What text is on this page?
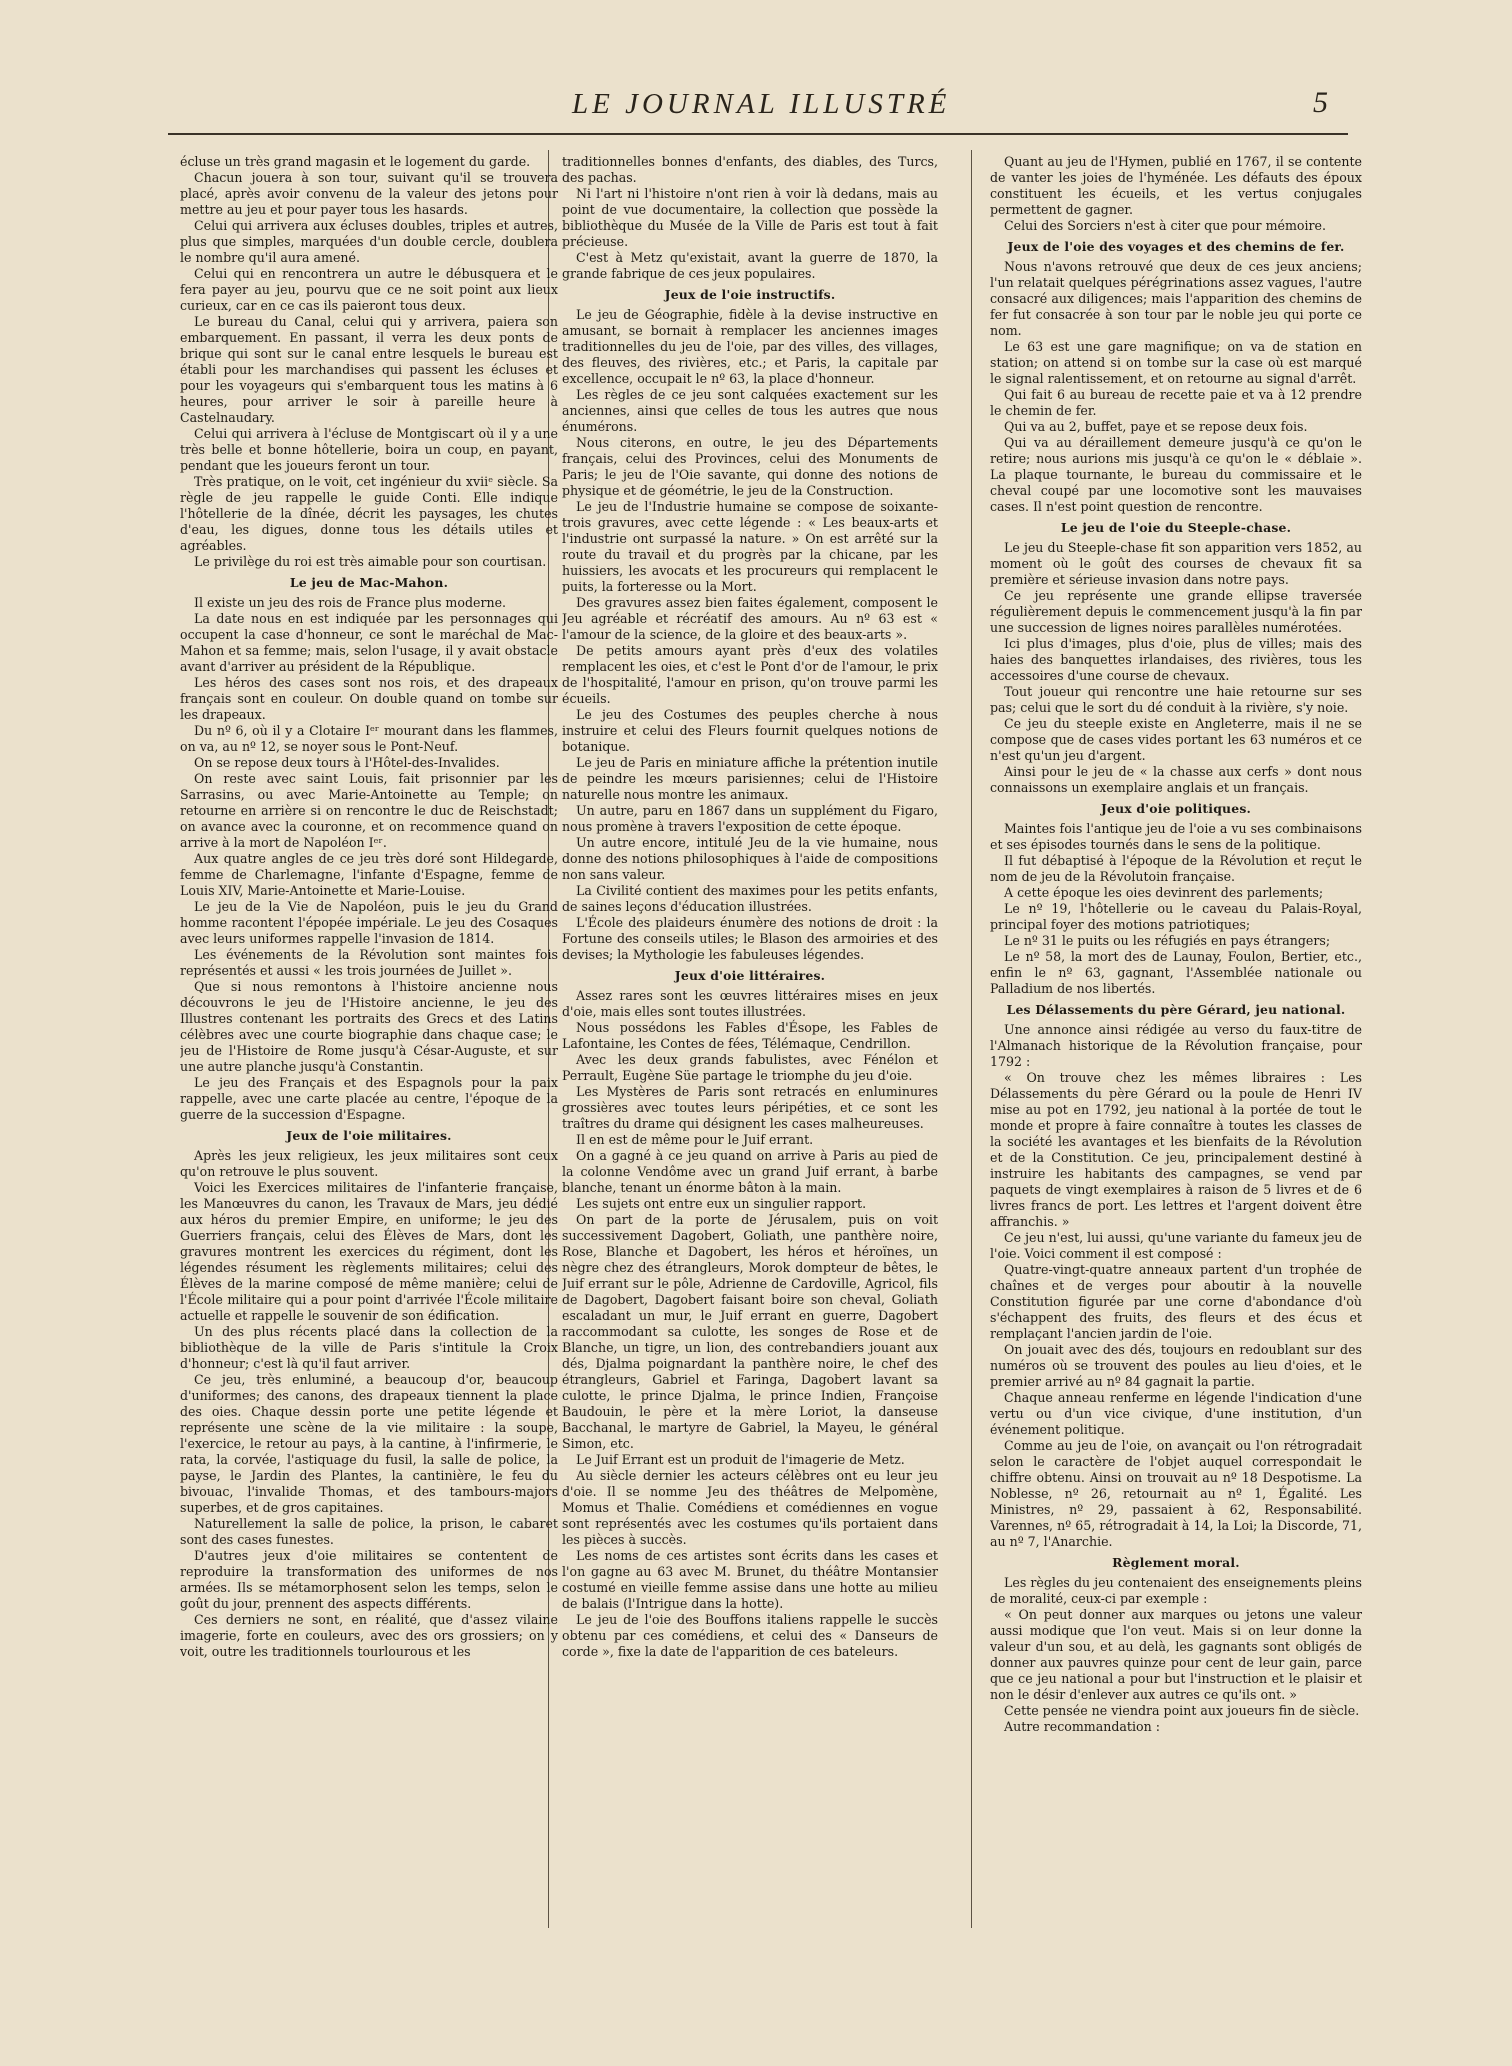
LE JOURNAL ILLUSTRÉ	5

écluse un très grand magasin et le logement du garde.

Chacun jouera à son tour, suivant qu'il se trouvera placé, après avoir convenu de la valeur des jetons pour mettre au jeu et pour payer tous les hasards.

Celui qui arrivera aux écluses doubles, triples et autres, plus que simples, marquées d'un double cercle, doublera le nombre qu'il aura amené.

Celui qui en rencontrera un autre le débusquera et le fera payer au jeu, pourvu que ce ne soit point aux lieux curieux, car en ce cas ils paieront tous deux.

Le bureau du Canal, celui qui y arrivera, paiera son embarquement. En passant, il verra les deux ponts de brique qui sont sur le canal entre lesquels le bureau est établi pour les marchandises qui passent les écluses et pour les voyageurs qui s'embarquent tous les matins à 6 heures, pour arriver le soir à pareille heure à Castelnaudary.

Celui qui arrivera à l'écluse de Montgiscart où il y a une très belle et bonne hôtellerie, boira un coup, en payant, pendant que les joueurs feront un tour.

Très pratique, on le voit, cet ingénieur du xviiᵉ siècle. Sa règle de jeu rappelle le guide Conti. Elle indique l'hôtellerie de la dînée, décrit les paysages, les chutes d'eau, les digues, donne tous les détails utiles et agréables.

Le privilège du roi est très aimable pour son courtisan.

Le jeu de Mac-Mahon.

Il existe un jeu des rois de France plus moderne.

La date nous en est indiquée par les personnages qui occupent la case d'honneur, ce sont le maréchal de Mac-Mahon et sa femme; mais, selon l'usage, il y avait obstacle avant d'arriver au président de la République.

Les héros des cases sont nos rois, et des drapeaux français sont en couleur. On double quand on tombe sur les drapeaux.

Du nº 6, où il y a Clotaire Iᵉʳ mourant dans les flammes, on va, au nº 12, se noyer sous le Pont-Neuf.

On se repose deux tours à l'Hôtel-des-Invalides.

On reste avec saint Louis, fait prisonnier par les Sarrasins, ou avec Marie-Antoinette au Temple; on retourne en arrière si on rencontre le duc de Reischstadt; on avance avec la couronne, et on recommence quand on arrive à la mort de Napoléon Iᵉʳ.

Aux quatre angles de ce jeu très doré sont Hildegarde, femme de Charlemagne, l'infante d'Espagne, femme de Louis XIV, Marie-Antoinette et Marie-Louise.

Le jeu de la Vie de Napoléon, puis le jeu du Grand homme racontent l'épopée impériale. Le jeu des Cosaques avec leurs uniformes rappelle l'invasion de 1814.

Les événements de la Révolution sont maintes fois représentés et aussi « les trois journées de Juillet ».

Que si nous remontons à l'histoire ancienne nous découvrons le jeu de l'Histoire ancienne, le jeu des Illustres contenant les portraits des Grecs et des Latins célèbres avec une courte biographie dans chaque case; le jeu de l'Histoire de Rome jusqu'à César-Auguste, et sur une autre planche jusqu'à Constantin.

Le jeu des Français et des Espagnols pour la paix rappelle, avec une carte placée au centre, l'époque de la guerre de la succession d'Espagne.

Jeux de l'oie militaires.

Après les jeux religieux, les jeux militaires sont ceux qu'on retrouve le plus souvent.

Voici les Exercices militaires de l'infanterie française, les Manœuvres du canon, les Travaux de Mars, jeu dédié aux héros du premier Empire, en uniforme; le jeu des Guerriers français, celui des Élèves de Mars, dont les gravures montrent les exercices du régiment, dont les légendes résument les règlements militaires; celui des Élèves de la marine composé de même manière; celui de l'École militaire qui a pour point d'arrivée l'École militaire actuelle et rappelle le souvenir de son édification.

Un des plus récents placé dans la collection de la bibliothèque de la ville de Paris s'intitule la Croix d'honneur; c'est là qu'il faut arriver.

Ce jeu, très enluminé, a beaucoup d'or, beaucoup d'uniformes; des canons, des drapeaux tiennent la place des oies. Chaque dessin porte une petite légende et représente une scène de la vie militaire : la soupe, l'exercice, le retour au pays, à la cantine, à l'infirmerie, le rata, la corvée, l'astiquage du fusil, la salle de police, la payse, le Jardin des Plantes, la cantinière, le feu du bivouac, l'invalide Thomas, et des tambours-majors superbes, et de gros capitaines.

Naturellement la salle de police, la prison, le cabaret sont des cases funestes.

D'autres jeux d'oie militaires se contentent de reproduire la transformation des uniformes de nos armées. Ils se métamorphosent selon les temps, selon le goût du jour, prennent des aspects différents.

Ces derniers ne sont, en réalité, que d'assez vilaine imagerie, forte en couleurs, avec des ors grossiers; on y voit, outre les traditionnels tourlourous et les

traditionnelles bonnes d'enfants, des diables, des Turcs, des pachas.

Ni l'art ni l'histoire n'ont rien à voir là dedans, mais au point de vue documentaire, la collection que possède la bibliothèque du Musée de la Ville de Paris est tout à fait précieuse.

C'est à Metz qu'existait, avant la guerre de 1870, la grande fabrique de ces jeux populaires.

Jeux de l'oie instructifs.

Le jeu de Géographie, fidèle à la devise instructive en amusant, se bornait à remplacer les anciennes images traditionnelles du jeu de l'oie, par des villes, des villages, des fleuves, des rivières, etc.; et Paris, la capitale par excellence, occupait le nº 63, la place d'honneur.

Les règles de ce jeu sont calquées exactement sur les anciennes, ainsi que celles de tous les autres que nous énumérons.

Nous citerons, en outre, le jeu des Départements français, celui des Provinces, celui des Monuments de Paris; le jeu de l'Oie savante, qui donne des notions de physique et de géométrie, le jeu de la Construction.

Le jeu de l'Industrie humaine se compose de soixante-trois gravures, avec cette légende : « Les beaux-arts et l'industrie ont surpassé la nature. » On est arrêté sur la route du travail et du progrès par la chicane, par les huissiers, les avocats et les procureurs qui remplacent le puits, la forteresse ou la Mort.

Des gravures assez bien faites également, composent le Jeu agréable et récréatif des amours. Au nº 63 est « l'amour de la science, de la gloire et des beaux-arts ».

De petits amours ayant près d'eux des volatiles remplacent les oies, et c'est le Pont d'or de l'amour, le prix de l'hospitalité, l'amour en prison, qu'on trouve parmi les écueils.

Le jeu des Costumes des peuples cherche à nous instruire et celui des Fleurs fournit quelques notions de botanique.

Le jeu de Paris en miniature affiche la prétention inutile de peindre les mœurs parisiennes; celui de l'Histoire naturelle nous montre les animaux.

Un autre, paru en 1867 dans un supplément du Figaro, nous promène à travers l'exposition de cette époque.

Un autre encore, intitulé Jeu de la vie humaine, nous donne des notions philosophiques à l'aide de compositions non sans valeur.

La Civilité contient des maximes pour les petits enfants, de saines leçons d'éducation illustrées.

L'École des plaideurs énumère des notions de droit : la Fortune des conseils utiles; le Blason des armoiries et des devises; la Mythologie les fabuleuses légendes.

Jeux d'oie littéraires.

Assez rares sont les œuvres littéraires mises en jeux d'oie, mais elles sont toutes illustrées.

Nous possédons les Fables d'Ésope, les Fables de Lafontaine, les Contes de fées, Télémaque, Cendrillon.

Avec les deux grands fabulistes, avec Fénélon et Perrault, Eugène Süe partage le triomphe du jeu d'oie.

Les Mystères de Paris sont retracés en enluminures grossières avec toutes leurs péripéties, et ce sont les traîtres du drame qui désignent les cases malheureuses.

Il en est de même pour le Juif errant.

On a gagné à ce jeu quand on arrive à Paris au pied de la colonne Vendôme avec un grand Juif errant, à barbe blanche, tenant un énorme bâton à la main.

Les sujets ont entre eux un singulier rapport.

On part de la porte de Jérusalem, puis on voit successivement Dagobert, Goliath, une panthère noire, Rose, Blanche et Dagobert, les héros et héroïnes, un nègre chez des étrangleurs, Morok dompteur de bêtes, le Juif errant sur le pôle, Adrienne de Cardoville, Agricol, fils de Dagobert, Dagobert faisant boire son cheval, Goliath escaladant un mur, le Juif errant en guerre, Dagobert raccommodant sa culotte, les songes de Rose et de Blanche, un tigre, un lion, des contrebandiers jouant aux dés, Djalma poignardant la panthère noire, le chef des étrangleurs, Gabriel et Faringa, Dagobert lavant sa culotte, le prince Djalma, le prince Indien, Françoise Baudouin, le père et la mère Loriot, la danseuse Bacchanal, le martyre de Gabriel, la Mayeu, le général Simon, etc.

Le Juif Errant est un produit de l'imagerie de Metz.

Au siècle dernier les acteurs célèbres ont eu leur jeu d'oie. Il se nomme Jeu des théâtres de Melpomène, Momus et Thalie. Comédiens et comédiennes en vogue sont représentés avec les costumes qu'ils portaient dans les pièces à succès.

Les noms de ces artistes sont écrits dans les cases et l'on gagne au 63 avec M. Brunet, du théâtre Montansier costumé en vieille femme assise dans une hotte au milieu de balais (l'Intrigue dans la hotte).

Le jeu de l'oie des Bouffons italiens rappelle le succès obtenu par ces comédiens, et celui des « Danseurs de corde », fixe la date de l'apparition de ces bateleurs.

Quant au jeu de l'Hymen, publié en 1767, il se contente de vanter les joies de l'hyménée. Les défauts des époux constituent les écueils, et les vertus conjugales permettent de gagner.

Celui des Sorciers n'est à citer que pour mémoire.

Jeux de l'oie des voyages et des chemins de fer.

Nous n'avons retrouvé que deux de ces jeux anciens; l'un relatait quelques pérégrinations assez vagues, l'autre consacré aux diligences; mais l'apparition des chemins de fer fut consacrée à son tour par le noble jeu qui porte ce nom.

Le 63 est une gare magnifique; on va de station en station; on attend si on tombe sur la case où est marqué le signal ralentissement, et on retourne au signal d'arrêt.

Qui fait 6 au bureau de recette paie et va à 12 prendre le chemin de fer.

Qui va au 2, buffet, paye et se repose deux fois.

Qui va au déraillement demeure jusqu'à ce qu'on le retire; nous aurions mis jusqu'à ce qu'on le « déblaie ». La plaque tournante, le bureau du commissaire et le cheval coupé par une locomotive sont les mauvaises cases. Il n'est point question de rencontre.

Le jeu de l'oie du Steeple-chase.

Le jeu du Steeple-chase fit son apparition vers 1852, au moment où le goût des courses de chevaux fit sa première et sérieuse invasion dans notre pays.

Ce jeu représente une grande ellipse traversée régulièrement depuis le commencement jusqu'à la fin par une succession de lignes noires parallèles numérotées.

Ici plus d'images, plus d'oie, plus de villes; mais des haies des banquettes irlandaises, des rivières, tous les accessoires d'une course de chevaux.

Tout joueur qui rencontre une haie retourne sur ses pas; celui que le sort du dé conduit à la rivière, s'y noie.

Ce jeu du steeple existe en Angleterre, mais il ne se compose que de cases vides portant les 63 numéros et ce n'est qu'un jeu d'argent.

Ainsi pour le jeu de « la chasse aux cerfs » dont nous connaissons un exemplaire anglais et un français.

Jeux d'oie politiques.

Maintes fois l'antique jeu de l'oie a vu ses combinaisons et ses épisodes tournés dans le sens de la politique.

Il fut débaptisé à l'époque de la Révolution et reçut le nom de jeu de la Révolutoin française.

A cette époque les oies devinrent des parlements;

Le nº 19, l'hôtellerie ou le caveau du Palais-Royal, principal foyer des motions patriotiques;

Le nº 31 le puits ou les réfugiés en pays étrangers;

Le nº 58, la mort des de Launay, Foulon, Bertier, etc., enfin le nº 63, gagnant, l'Assemblée nationale ou Palladium de nos libertés.

Les Délassements du père Gérard, jeu national.

Une annonce ainsi rédigée au verso du faux-titre de l'Almanach historique de la Révolution française, pour 1792 :

« On trouve chez les mêmes libraires : Les Délassements du père Gérard ou la poule de Henri IV mise au pot en 1792, jeu national à la portée de tout le monde et propre à faire connaître à toutes les classes de la société les avantages et les bienfaits de la Révolution et de la Constitution. Ce jeu, principalement destiné à instruire les habitants des campagnes, se vend par paquets de vingt exemplaires à raison de 5 livres et de 6 livres francs de port. Les lettres et l'argent doivent être affranchis. »

Ce jeu n'est, lui aussi, qu'une variante du fameux jeu de l'oie. Voici comment il est composé :

Quatre-vingt-quatre anneaux partent d'un trophée de chaînes et de verges pour aboutir à la nouvelle Constitution figurée par une corne d'abondance d'où s'échappent des fruits, des fleurs et des écus et remplaçant l'ancien jardin de l'oie.

On jouait avec des dés, toujours en redoublant sur des numéros où se trouvent des poules au lieu d'oies, et le premier arrivé au nº 84 gagnait la partie.

Chaque anneau renferme en légende l'indication d'une vertu ou d'un vice civique, d'une institution, d'un événement politique.

Comme au jeu de l'oie, on avançait ou l'on rétrogradait selon le caractère de l'objet auquel correspondait le chiffre obtenu. Ainsi on trouvait au nº 18 Despotisme. La Noblesse, nº 26, retournait au nº 1, Égalité. Les Ministres, nº 29, passaient à 62, Responsabilité. Varennes, nº 65, rétrogradait à 14, la Loi; la Discorde, 71, au nº 7, l'Anarchie.

Règlement moral.

Les règles du jeu contenaient des enseignements pleins de moralité, ceux-ci par exemple :

« On peut donner aux marques ou jetons une valeur aussi modique que l'on veut. Mais si on leur donne la valeur d'un sou, et au delà, les gagnants sont obligés de donner aux pauvres quinze pour cent de leur gain, parce que ce jeu national a pour but l'instruction et le plaisir et non le désir d'enlever aux autres ce qu'ils ont. »

Cette pensée ne viendra point aux joueurs fin de siècle.

Autre recommandation :
